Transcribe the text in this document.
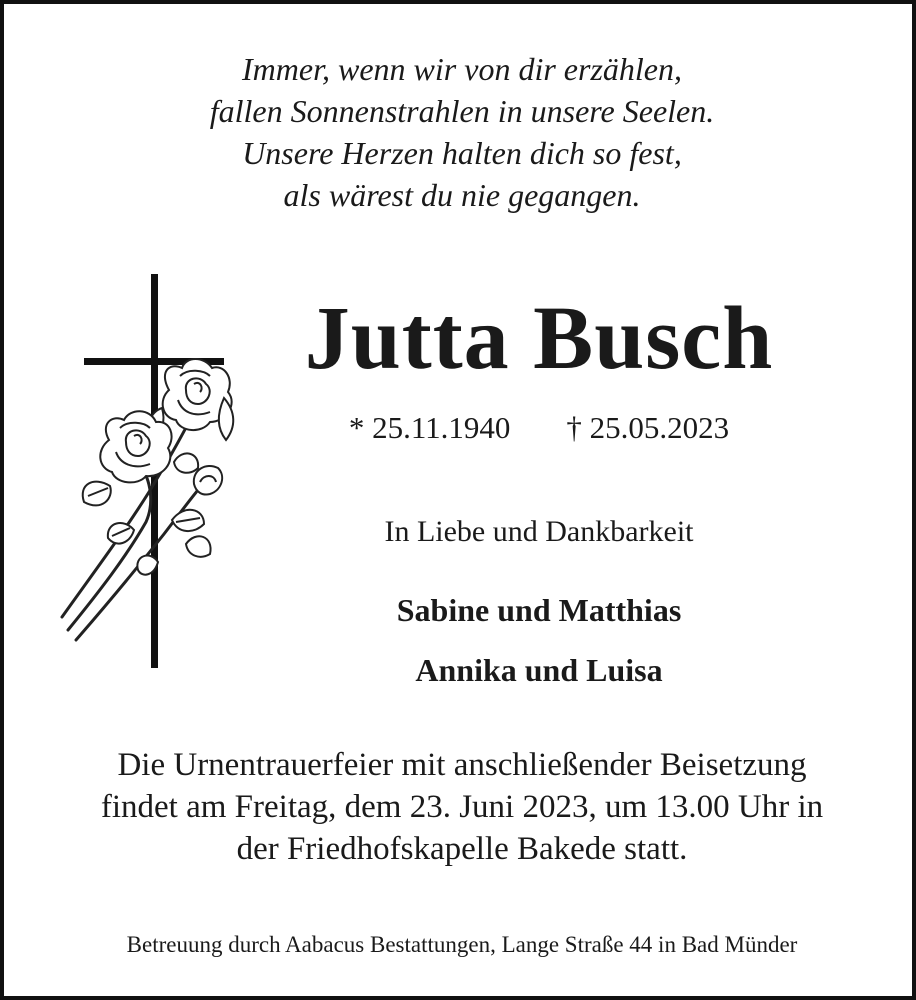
Immer, wenn wir von dir erzählen,
fallen Sonnenstrahlen in unsere Seelen.
Unsere Herzen halten dich so fest,
als wärest du nie gegangen.
Jutta Busch
* 25.11.1940 † 25.05.2023
In Liebe und Dankbarkeit
Sabine und Matthias
Annika und Luisa
Die Urnentrauerfeier mit anschließender Beisetzung
findet am Freitag, dem 23. Juni 2023, um 13.00 Uhr in
der Friedhofskapelle Bakede statt.
Betreuung durch Aabacus Bestattungen, Lange Straße 44 in Bad Münder
